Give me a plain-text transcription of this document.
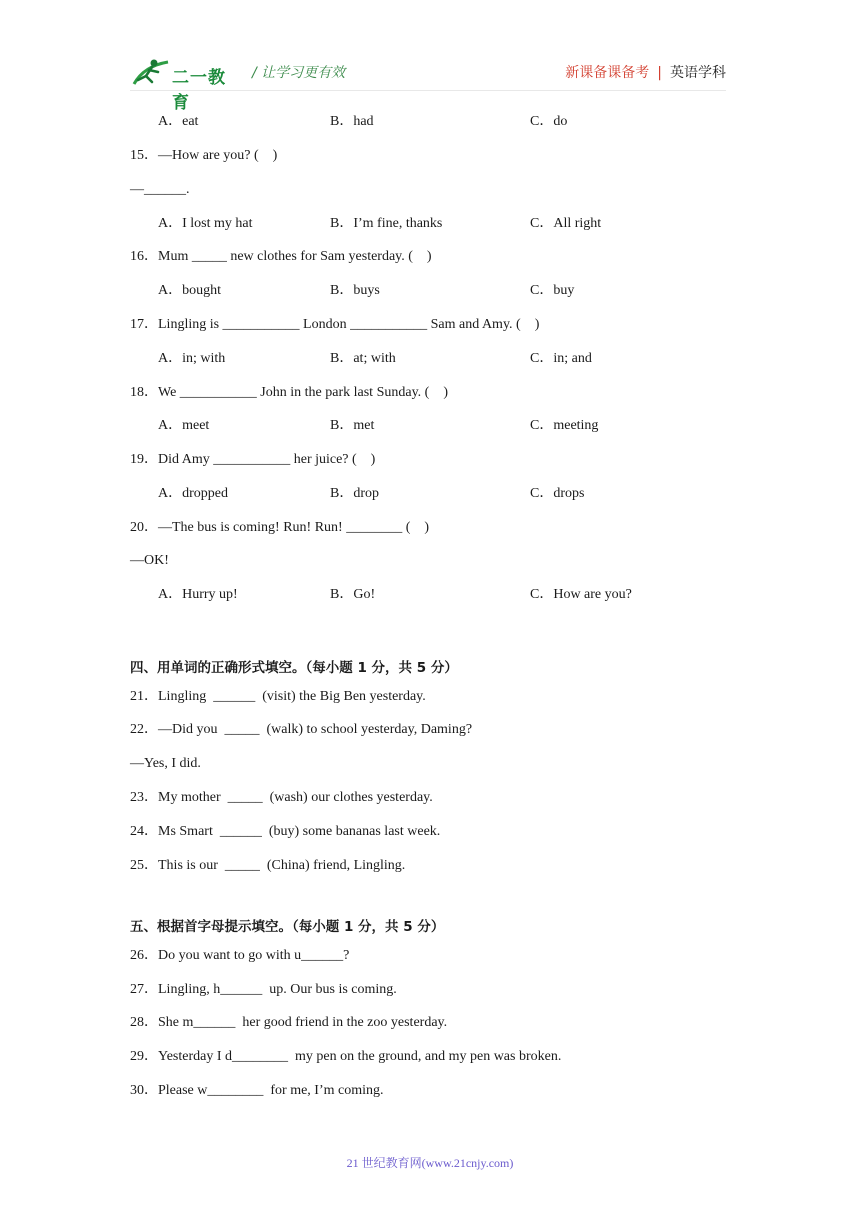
二一教育
/ 让学习更有效	新课备课备考 | 英语学科
A．eat	B．had	C．do
15．—How are you? (　)
—______.
A．I lost my hat	B．I’m fine, thanks	C．All right
16．Mum _____ new clothes for Sam yesterday. (　)
A．bought	B．buys	C．buy
17．Lingling is ___________ London ___________ Sam and Amy. (　)
A．in; with	B．at; with	C．in; and
18．We ___________ John in the park last Sunday. (　)
A．meet	B．met	C．meeting
19．Did Amy ___________ her juice? (　)
A．dropped	B．drop	C．drops
20．—The bus is coming! Run! Run! ________ (　)
—OK!
A．Hurry up!	B．Go!	C．How are you?
四、用单词的正确形式填空。（每小题 1 分，共 5 分）
21．Lingling  ______  (visit) the Big Ben yesterday.
22．—Did you  _____  (walk) to school yesterday, Daming?
—Yes, I did.
23．My mother  _____  (wash) our clothes yesterday.
24．Ms Smart  ______  (buy) some bananas last week.
25．This is our  _____  (China) friend, Lingling.
五、根据首字母提示填空。（每小题 1 分，共 5 分）
26．Do you want to go with u______?
27．Lingling, h______  up. Our bus is coming.
28．She m______  her good friend in the zoo yesterday.
29．Yesterday I d________  my pen on the ground, and my pen was broken.
30．Please w________  for me, I’m coming.
21 世纪教育网(www.21cnjy.com)
